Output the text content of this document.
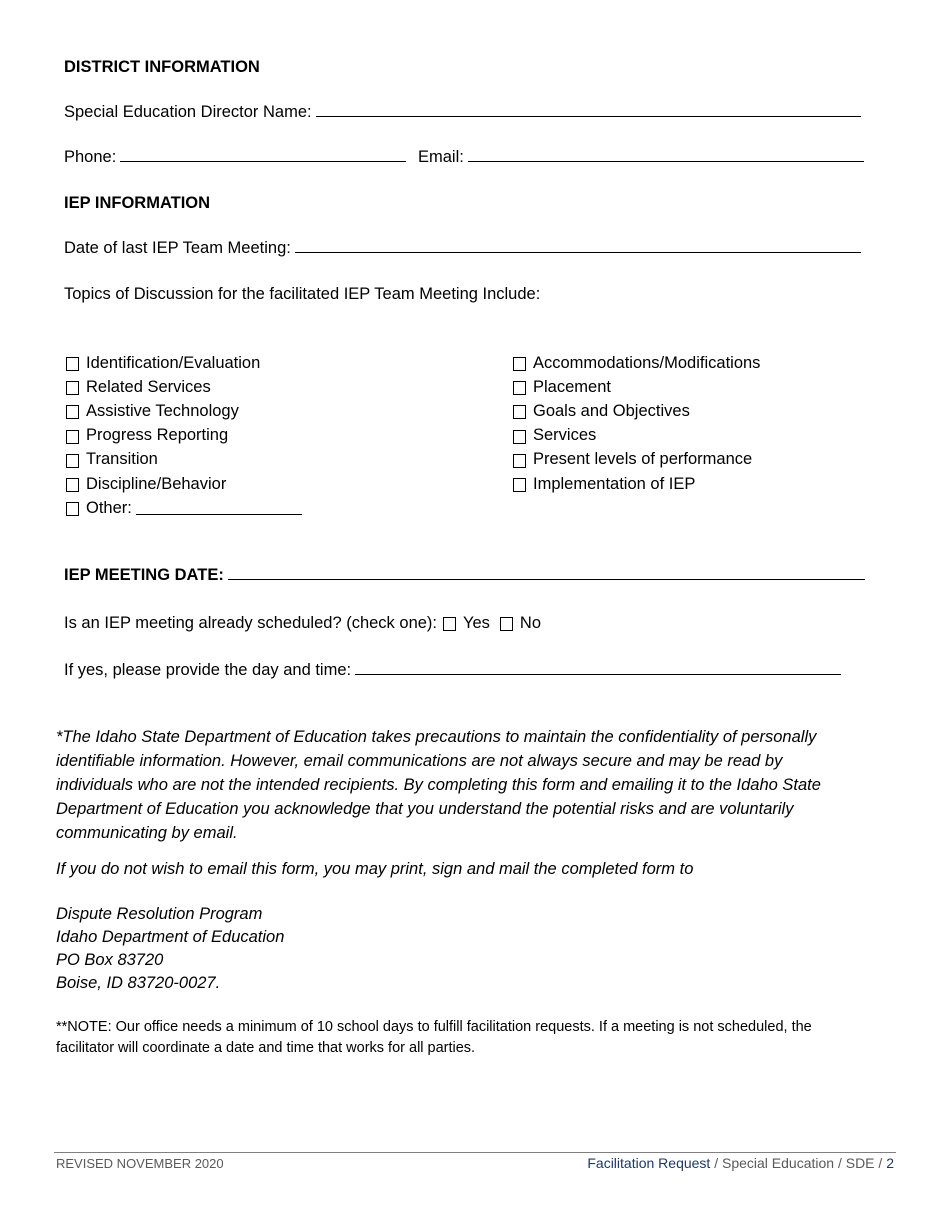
DISTRICT INFORMATION
Special Education Director Name:
Phone:	Email:
IEP INFORMATION
Date of last IEP Team Meeting:
Topics of Discussion for the facilitated IEP Team Meeting Include:
Identification/Evaluation
Related Services
Assistive Technology
Progress Reporting
Transition
Discipline/Behavior
Other:
Accommodations/Modifications
Placement
Goals and Objectives
Services
Present levels of performance
Implementation of IEP
IEP MEETING DATE:
Is an IEP meeting already scheduled? (check one): Yes No
If yes, please provide the day and time:
*The Idaho State Department of Education takes precautions to maintain the confidentiality of personally
identifiable information. However, email communications are not always secure and may be read by
individuals who are not the intended recipients. By completing this form and emailing it to the Idaho State
Department of Education you acknowledge that you understand the potential risks and are voluntarily
communicating by email.
If you do not wish to email this form, you may print, sign and mail the completed form to
Dispute Resolution Program
Idaho Department of Education
PO Box 83720
Boise, ID 83720-0027.
**NOTE: Our office needs a minimum of 10 school days to fulfill facilitation requests. If a meeting is not scheduled, the
facilitator will coordinate a date and time that works for all parties.
REVISED NOVEMBER 2020	Facilitation Request / Special Education / SDE / 2
